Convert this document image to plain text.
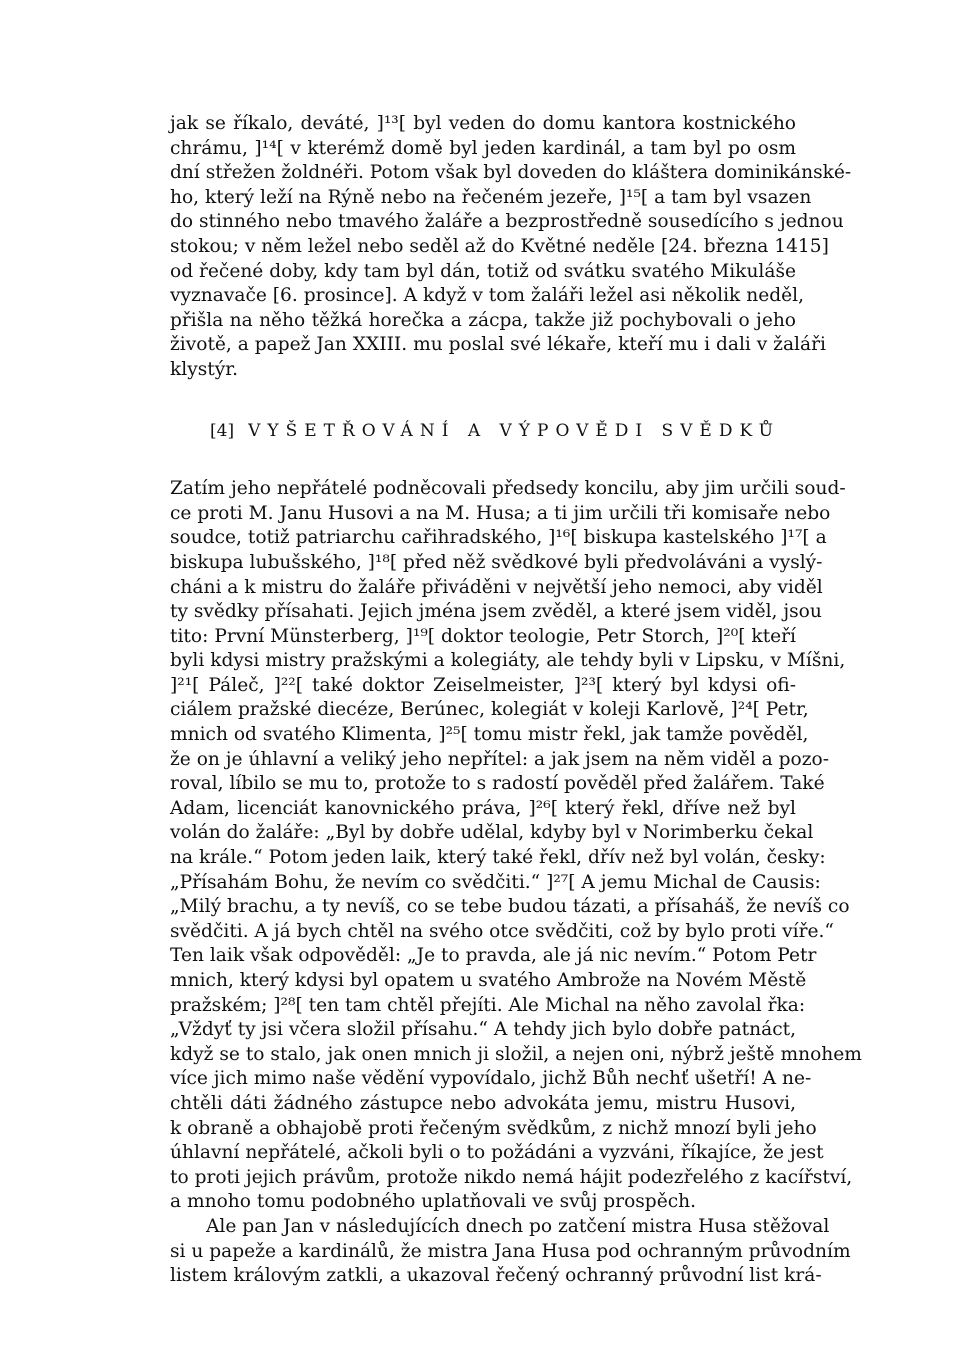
jak se říkalo, deváté, ]¹³[ byl veden do domu kantora kostnického
chrámu, ]¹⁴[ v kterémž domě byl jeden kardinál, a tam byl po osm
dní střežen žoldnéři. Potom však byl doveden do kláštera dominikánské-
ho, který leží na Rýně nebo na řečeném jezeře, ]¹⁵[ a tam byl vsazen
do stinného nebo tmavého žaláře a bezprostředně sousedícího s jednou
stokou; v něm ležel nebo seděl až do Květné neděle [24. března 1415]
od řečené doby, kdy tam byl dán, totiž od svátku svatého Mikuláše
vyznavače [6. prosince]. A když v tom žaláři ležel asi několik neděl,
přišla na něho těžká horečka a zácpa, takže již pochybovali o jeho
životě, a papež Jan XXIII. mu poslal své lékaře, kteří mu i dali v žaláři
klystýr.
[4] VYŠETŘOVÁNÍ A VÝPOVĚDI SVĚDKŮ
Zatím jeho nepřátelé podněcovali předsedy koncilu, aby jim určili soud-
ce proti M. Janu Husovi a na M. Husa; a ti jim určili tři komisaře nebo
soudce, totiž patriarchu cařihradského, ]¹⁶[ biskupa kastelského ]¹⁷[ a
biskupa lubušského, ]¹⁸[ před něž svědkové byli předvoláváni a vyslý-
cháni a k mistru do žaláře přiváděni v největší jeho nemoci, aby viděl
ty svědky přísahati. Jejich jména jsem zvěděl, a které jsem viděl, jsou
tito: První Münsterberg, ]¹⁹[ doktor teologie, Petr Storch, ]²⁰[ kteří
byli kdysi mistry pražskými a kolegiáty, ale tehdy byli v Lipsku, v Míšni,
]²¹[ Páleč, ]²²[ také doktor Zeiselmeister, ]²³[ který byl kdysi ofi-
ciálem pražské diecéze, Berúnec, kolegiát v koleji Karlově, ]²⁴[ Petr,
mnich od svatého Klimenta, ]²⁵[ tomu mistr řekl, jak tamže pověděl,
že on je úhlavní a veliký jeho nepřítel: a jak jsem na něm viděl a pozo-
roval, líbilo se mu to, protože to s radostí pověděl před žalářem. Také
Adam, licenciát kanovnického práva, ]²⁶[ který řekl, dříve než byl
volán do žaláře: „Byl by dobře udělal, kdyby byl v Norimberku čekal
na krále.“ Potom jeden laik, který také řekl, dřív než byl volán, česky:
„Přísahám Bohu, že nevím co svědčiti.“ ]²⁷[ A jemu Michal de Causis:
„Milý brachu, a ty nevíš, co se tebe budou tázati, a přísaháš, že nevíš co
svědčiti. A já bych chtěl na svého otce svědčiti, což by bylo proti víře.“
Ten laik však odpověděl: „Je to pravda, ale já nic nevím.“ Potom Petr
mnich, který kdysi byl opatem u svatého Ambrože na Novém Městě
pražském; ]²⁸[ ten tam chtěl přejíti. Ale Michal na něho zavolal řka:
„Vždyť ty jsi včera složil přísahu.“ A tehdy jich bylo dobře patnáct,
když se to stalo, jak onen mnich ji složil, a nejen oni, nýbrž ještě mnohem
více jich mimo naše vědění vypovídalo, jichž Bůh nechť ušetří! A ne-
chtěli dáti žádného zástupce nebo advokáta jemu, mistru Husovi,
k obraně a obhajobě proti řečeným svědkům, z nichž mnozí byli jeho
úhlavní nepřátelé, ačkoli byli o to požádáni a vyzváni, říkajíce, že jest
to proti jejich právům, protože nikdo nemá hájit podezřelého z kacířství,
a mnoho tomu podobného uplatňovali ve svůj prospěch.
Ale pan Jan v následujících dnech po zatčení mistra Husa stěžoval
si u papeže a kardinálů, že mistra Jana Husa pod ochranným průvodním
listem královým zatkli, a ukazoval řečený ochranný průvodní list krá-
